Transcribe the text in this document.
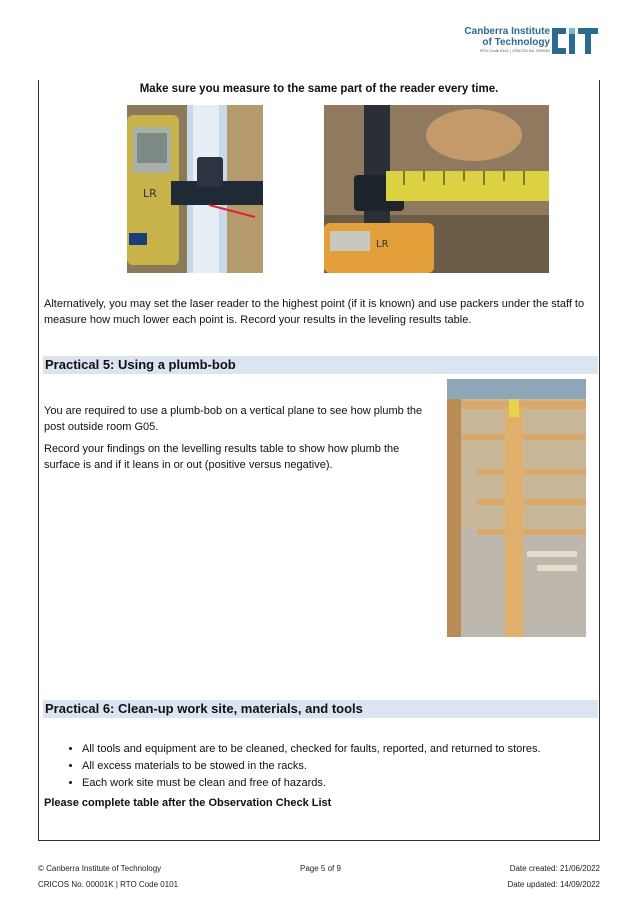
Canberra Institute
of Technology
RTO Code 0101 | CRICOS No. 00001K
Make sure you measure to the same part of the reader every time.
LR
LR
Alternatively, you may set the laser reader to the highest point (if it is known) and use packers under the staff to measure how much lower each point is. Record your results in the leveling results table.
Practical 5: Using a plumb-bob
You are required to use a plumb-bob on a vertical plane to see how plumb the post outside room G05.
Record your findings on the levelling results table to show how plumb the surface is and if it leans in or out (positive versus negative).
Practical 6: Clean-up work site, materials, and tools
• All tools and equipment are to be cleaned, checked for faults, reported, and returned to stores.
• All excess materials to be stowed in the racks.
• Each work site must be clean and free of hazards.
Please complete table after the Observation Check List
© Canberra Institute of Technology
CRICOS No. 00001K | RTO Code 0101
Page 5 of 9	Date created: 21/06/2022
Date updated: 14/09/2022
